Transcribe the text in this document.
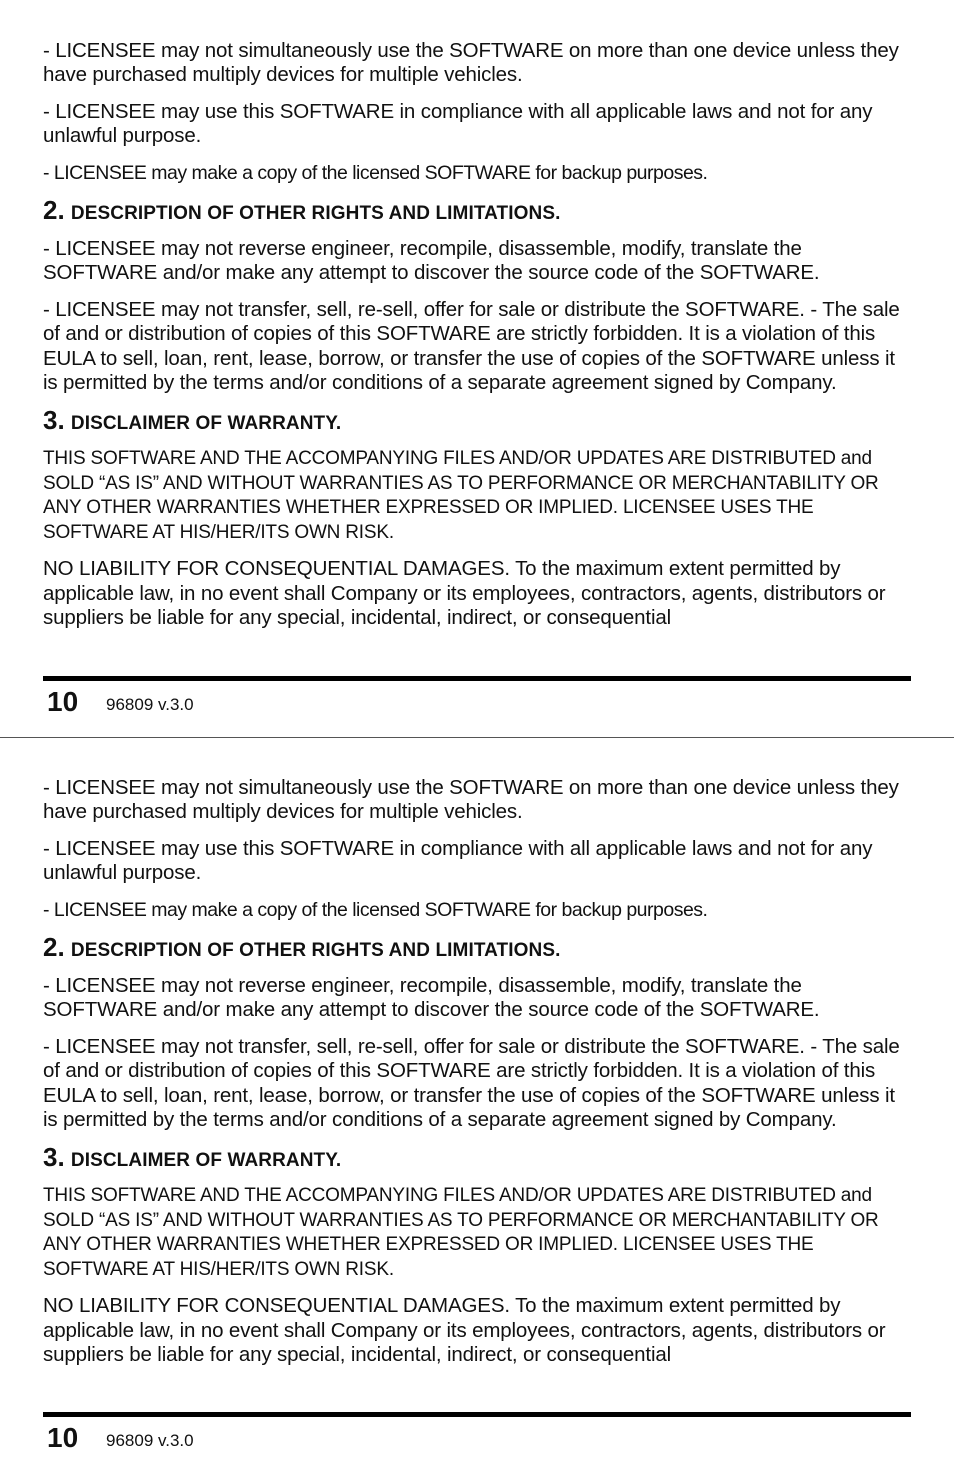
- LICENSEE may not simultaneously use the SOFTWARE on more than one device unless they have purchased multiply devices for multiple vehicles.

- LICENSEE may use this SOFTWARE in compliance with all applicable laws and not for any unlawful purpose.

- LICENSEE may make a copy of the licensed SOFTWARE for backup purposes.

2. DESCRIPTION OF OTHER RIGHTS AND LIMITATIONS.

- LICENSEE may not reverse engineer, recompile, disassemble, modify, translate the SOFTWARE and/or make any attempt to discover the source code of the SOFTWARE.

- LICENSEE may not transfer, sell, re-sell, offer for sale or distribute the SOFTWARE. - The sale of and or distribution of copies of this SOFTWARE are strictly forbidden. It is a violation of this EULA to sell, loan, rent, lease, borrow, or transfer the use of copies of the SOFTWARE unless it is permitted by the terms and/or conditions of a separate agreement signed by Company.

3. DISCLAIMER OF WARRANTY.

THIS SOFTWARE AND THE ACCOMPANYING FILES AND/OR UPDATES ARE DISTRIBUTED and SOLD “AS IS” AND WITHOUT WARRANTIES AS TO PERFORMANCE OR MERCHANTABILITY OR ANY OTHER WARRANTIES WHETHER EXPRESSED OR IMPLIED. LICENSEE USES THE SOFTWARE AT HIS/HER/ITS OWN RISK.

NO LIABILITY FOR CONSEQUENTIAL DAMAGES. To the maximum extent permitted by applicable law, in no event shall Company or its employees, contractors, agents, distributors or suppliers be liable for any special, incidental, indirect, or consequential

10 96809 v.3.0

- LICENSEE may not simultaneously use the SOFTWARE on more than one device unless they have purchased multiply devices for multiple vehicles.

- LICENSEE may use this SOFTWARE in compliance with all applicable laws and not for any unlawful purpose.

- LICENSEE may make a copy of the licensed SOFTWARE for backup purposes.

2. DESCRIPTION OF OTHER RIGHTS AND LIMITATIONS.

- LICENSEE may not reverse engineer, recompile, disassemble, modify, translate the SOFTWARE and/or make any attempt to discover the source code of the SOFTWARE.

- LICENSEE may not transfer, sell, re-sell, offer for sale or distribute the SOFTWARE. - The sale of and or distribution of copies of this SOFTWARE are strictly forbidden. It is a violation of this EULA to sell, loan, rent, lease, borrow, or transfer the use of copies of the SOFTWARE unless it is permitted by the terms and/or conditions of a separate agreement signed by Company.

3. DISCLAIMER OF WARRANTY.

THIS SOFTWARE AND THE ACCOMPANYING FILES AND/OR UPDATES ARE DISTRIBUTED and SOLD “AS IS” AND WITHOUT WARRANTIES AS TO PERFORMANCE OR MERCHANTABILITY OR ANY OTHER WARRANTIES WHETHER EXPRESSED OR IMPLIED. LICENSEE USES THE SOFTWARE AT HIS/HER/ITS OWN RISK.

NO LIABILITY FOR CONSEQUENTIAL DAMAGES. To the maximum extent permitted by applicable law, in no event shall Company or its employees, contractors, agents, distributors or suppliers be liable for any special, incidental, indirect, or consequential

10 96809 v.3.0
